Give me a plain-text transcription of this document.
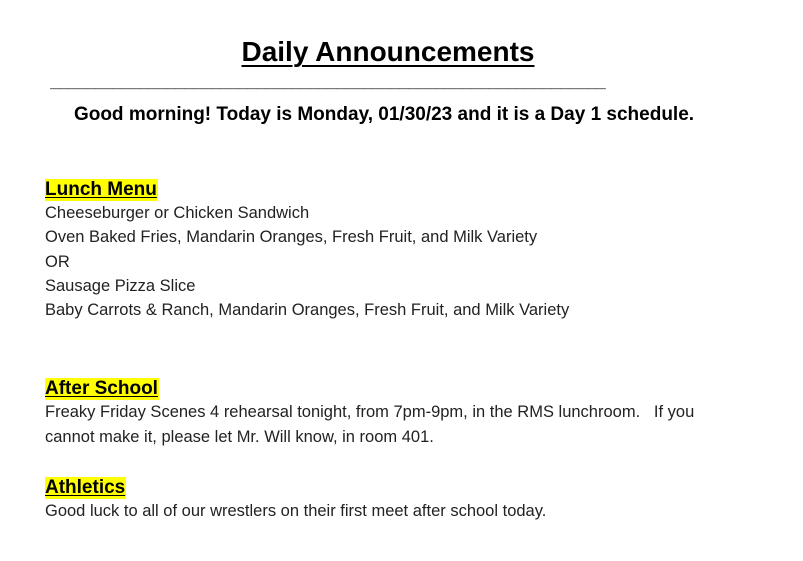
Daily Announcements
______________________________________________________________
Good morning! Today is Monday, 01/30/23 and it is a Day 1 schedule.
Lunch Menu
Cheeseburger or Chicken Sandwich
Oven Baked Fries, Mandarin Oranges, Fresh Fruit, and Milk Variety
OR
Sausage Pizza Slice
Baby Carrots & Ranch, Mandarin Oranges, Fresh Fruit, and Milk Variety
After School
Freaky Friday Scenes 4 rehearsal tonight, from 7pm-9pm, in the RMS lunchroom.   If you cannot make it, please let Mr. Will know, in room 401.
Athletics
Good luck to all of our wrestlers on their first meet after school today.
